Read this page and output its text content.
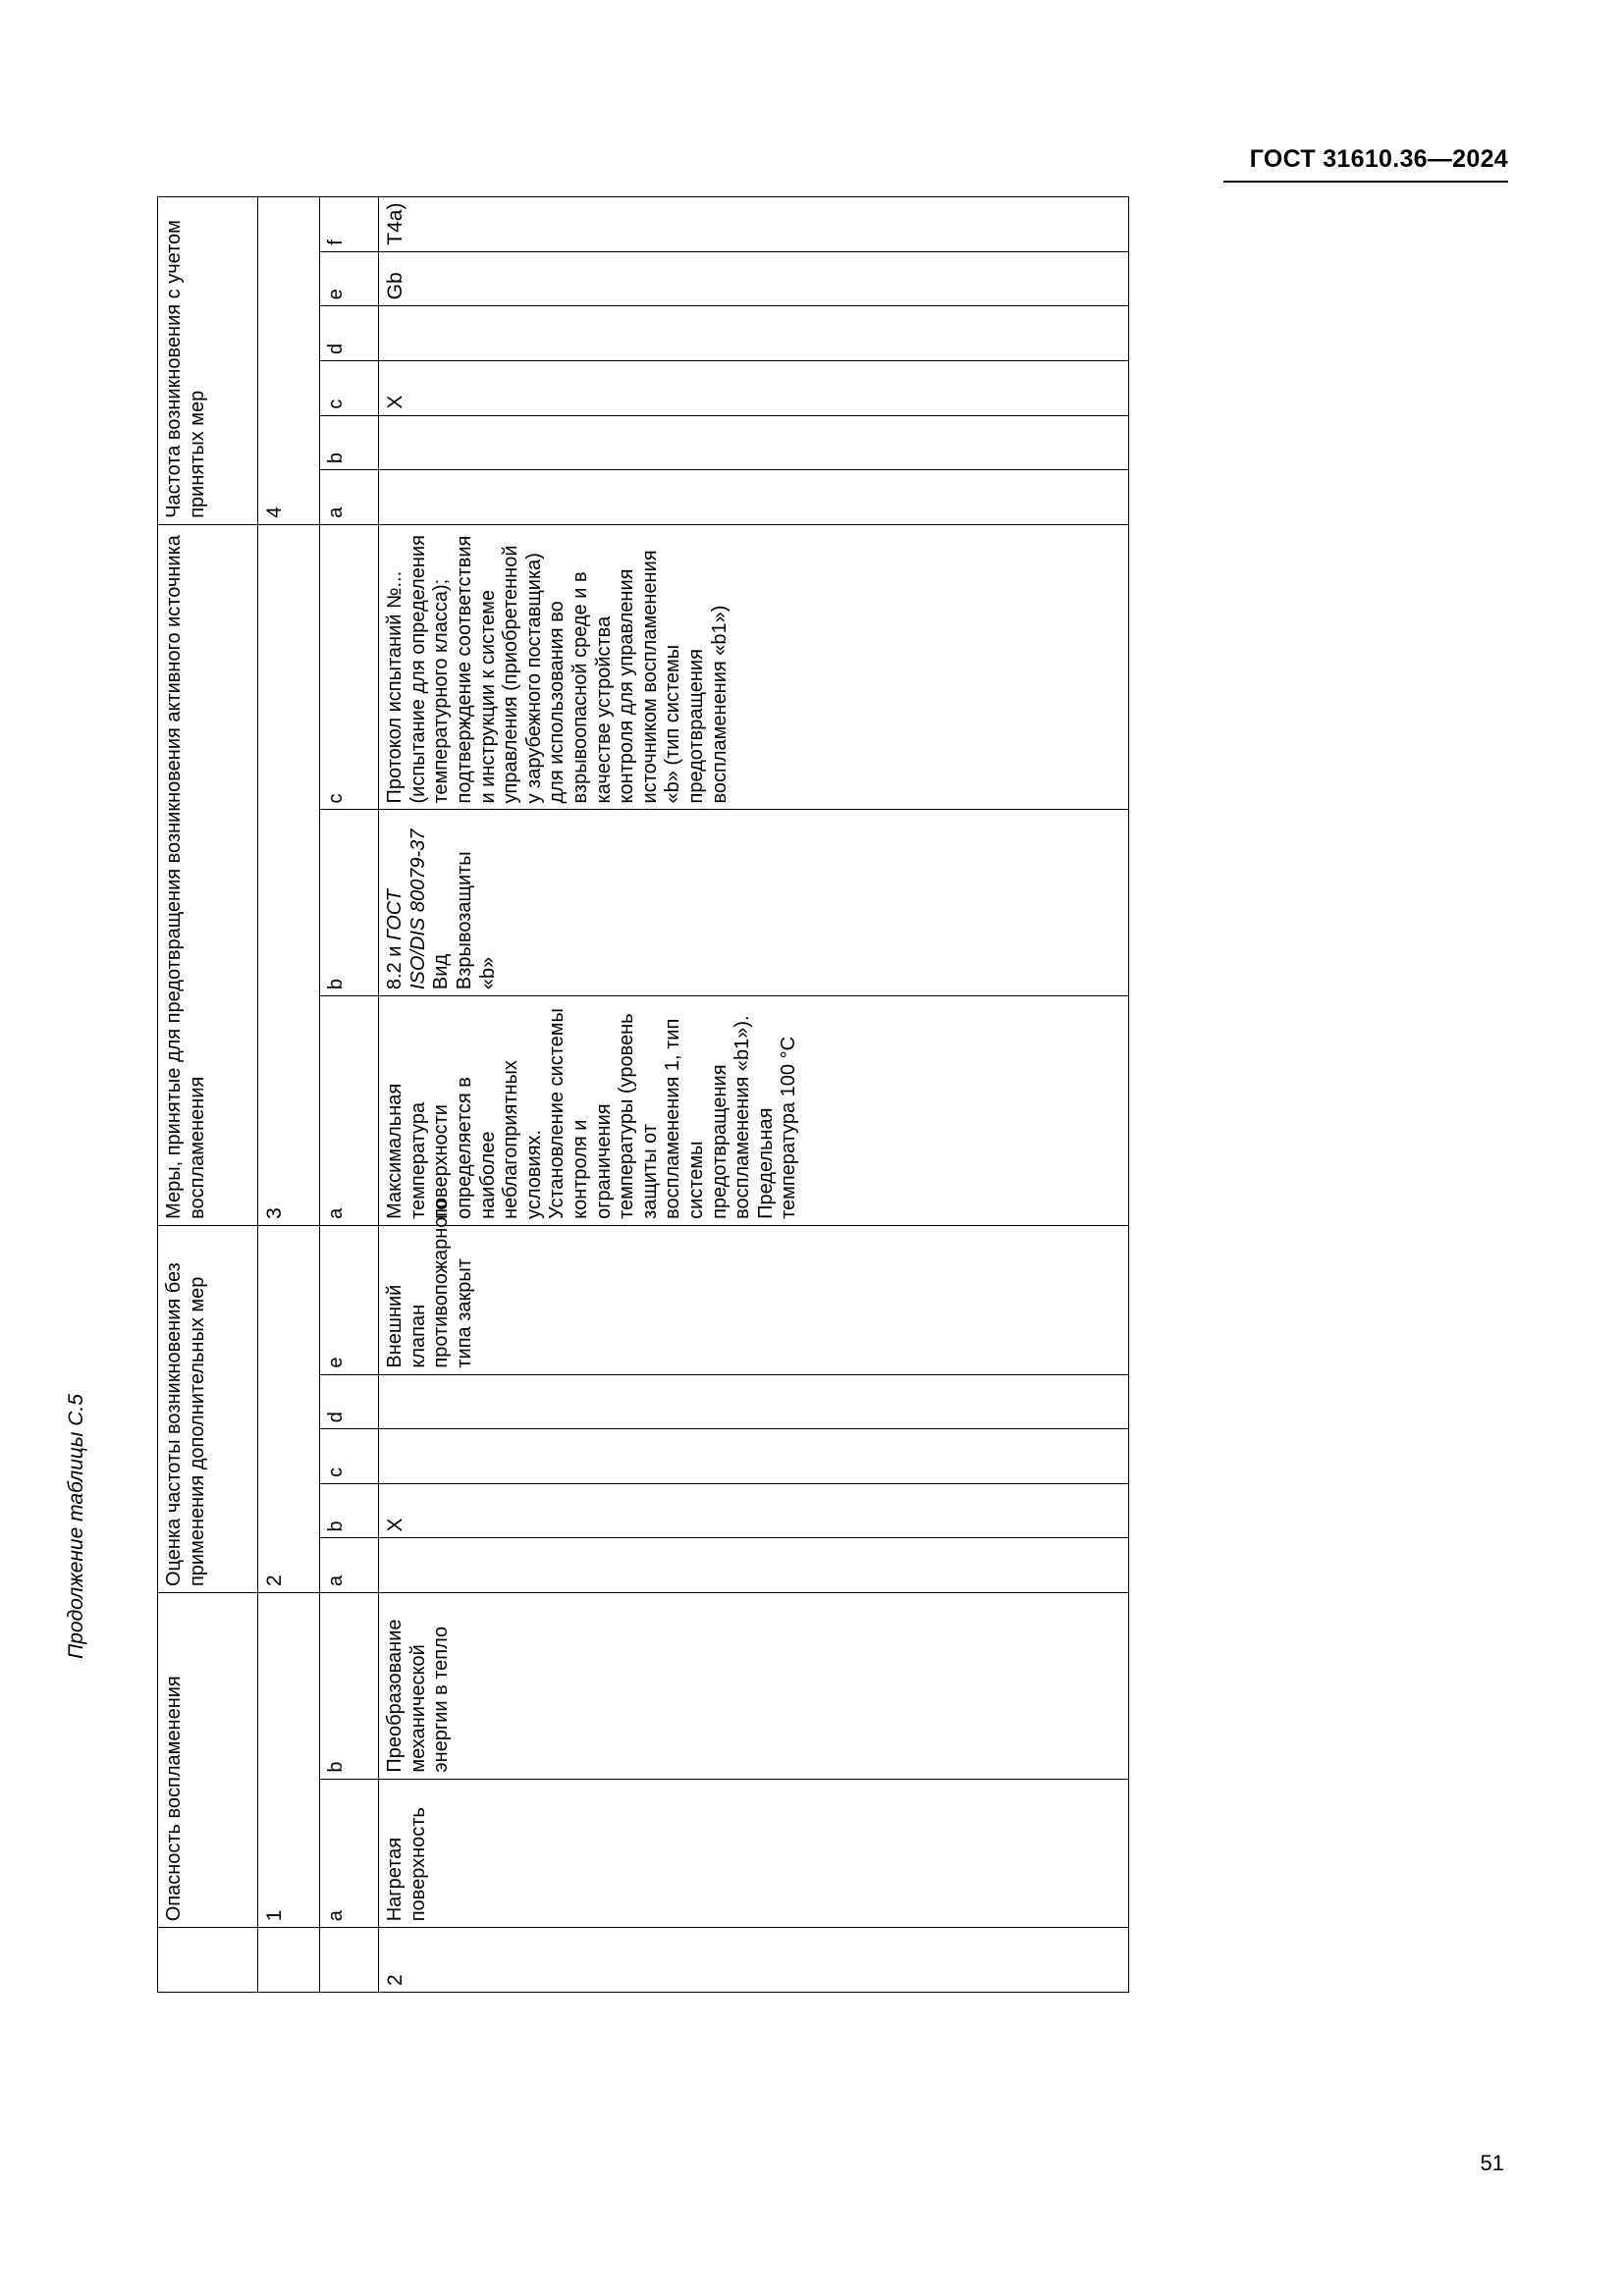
ГОСТ 31610.36—2024
Продолжение таблицы С.5
	Опасность воспламенения		Оценка частоты возникновения без применения дополнительных мер					Меры, принятые для предотвращения возникновения активного источника воспламенения			Частота возникновения с учетом принятых мер					
	1		2					3			4					
	a	b	a	b	c	d	e	a	b	c	a	b	c	d	e	f
2	Нагретая поверхность	Преобразование механической энергии в тепло		X			Внешний клапан противопожарного типа закрыт	Максимальная температура поверхности определяется в наиболее неблагоприятных условиях. Установление системы контроля и ограничения температуры (уровень защиты от воспламенения 1, тип системы предотвращения воспламенения «b1»). Предельная температура 100 °С	8.2 и ГОСТ ISO/DIS 80079-37 Вид Взрывозащиты «b»	Протокол испытаний №... (испытание для определения температурного класса); подтверждение соответствия и инструкции к системе управления (приобретенной у зарубежного поставщика) для использования во взрывоопасной среде и в качестве устройства контроля для управления источником воспламенения «b» (тип системы предотвращения воспламенения «b1»)			X		Gb	T4a)
51
